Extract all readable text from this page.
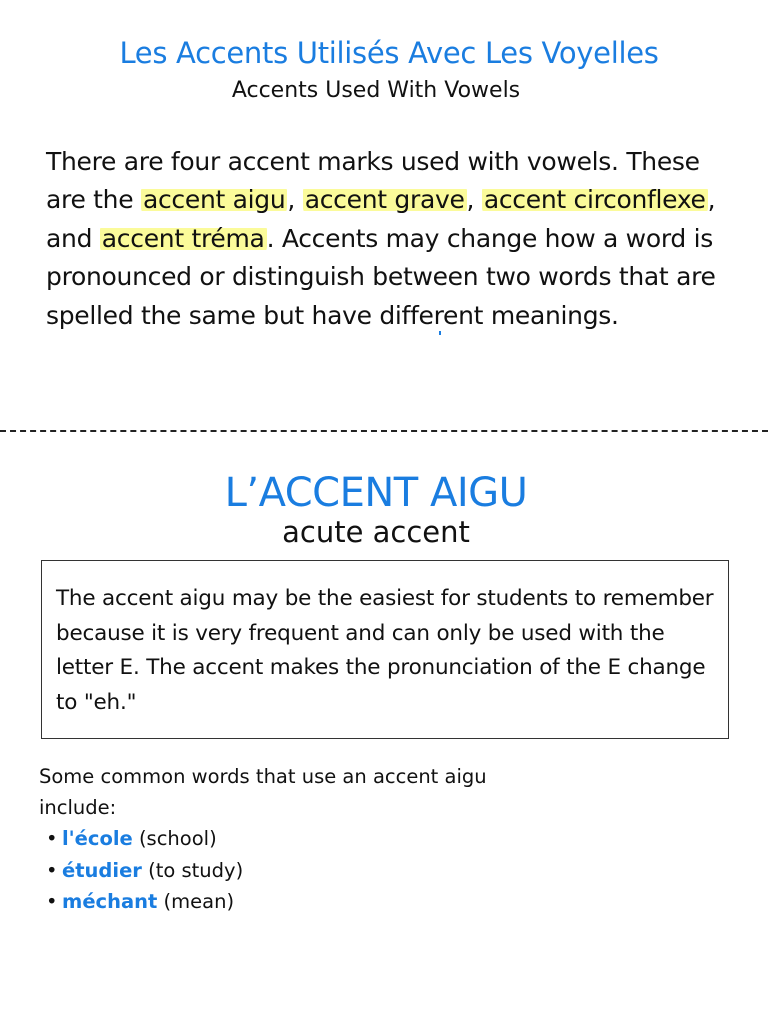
Les Accents Utilisés Avec Les Voyelles
Accents Used With Vowels
There are four accent marks used with vowels. These are the accent aigu, accent grave, accent circonflexe, and accent tréma. Accents may change how a word is pronounced or distinguish between two words that are spelled the same but have different meanings.
L’ACCENT AIGU
acute accent
The accent aigu may be the easiest for students to remember because it is very frequent and can only be used with the letter E. The accent makes the pronunciation of the E change to "eh."
Some common words that use an accent aigu include:
• l'école (school)
• étudier (to study)
• méchant (mean)
